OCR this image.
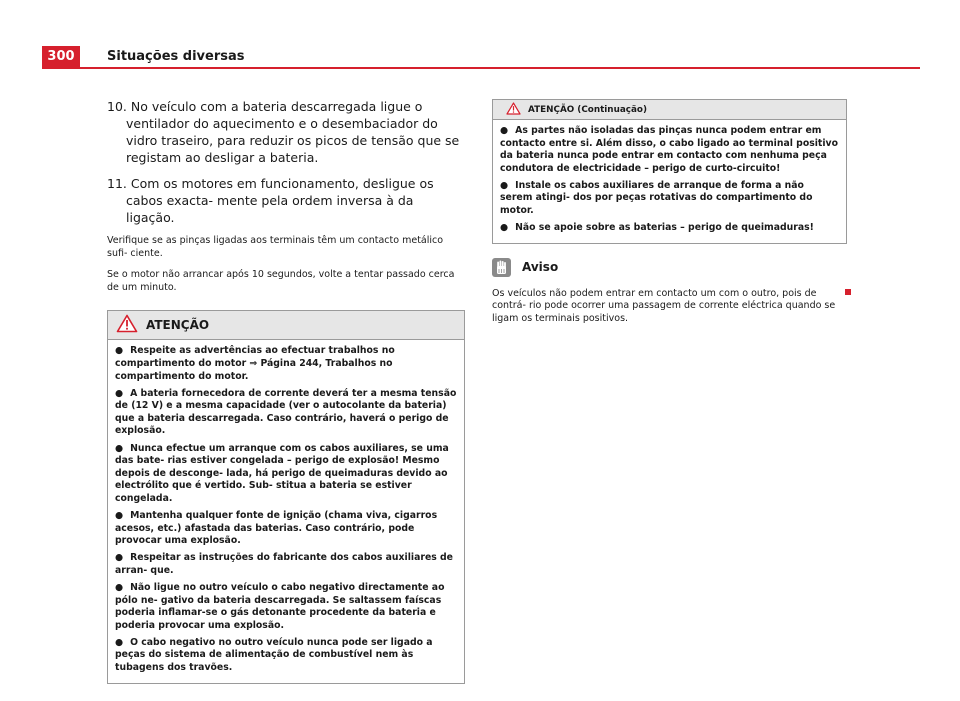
300	Situações diversas

10. No veículo com a bateria descarregada ligue o ventilador do aquecimento e o desembaciador do vidro traseiro, para reduzir os picos de tensão que se registam ao desligar a bateria.

11. Com os motores em funcionamento, desligue os cabos exacta- mente pela ordem inversa à da ligação.

Verifique se as pinças ligadas aos terminais têm um contacto metálico sufi- ciente.

Se o motor não arrancar após 10 segundos, volte a tentar passado cerca de um minuto.

ATENÇÃO

● Respeite as advertências ao efectuar trabalhos no compartimento do motor ⇒ Página 244, Trabalhos no compartimento do motor.

● A bateria fornecedora de corrente deverá ter a mesma tensão de (12 V) e a mesma capacidade (ver o autocolante da bateria) que a bateria descarregada. Caso contrário, haverá o perigo de explosão.

● Nunca efectue um arranque com os cabos auxiliares, se uma das bate- rias estiver congelada – perigo de explosão! Mesmo depois de desconge- lada, há perigo de queimaduras devido ao electrólito que é vertido. Sub- stitua a bateria se estiver congelada.

● Mantenha qualquer fonte de ignição (chama viva, cigarros acesos, etc.) afastada das baterias. Caso contrário, pode provocar uma explosão.

● Respeitar as instruções do fabricante dos cabos auxiliares de arran- que.

● Não ligue no outro veículo o cabo negativo directamente ao pólo ne- gativo da bateria descarregada. Se saltassem faíscas poderia inflamar-se o gás detonante procedente da bateria e poderia provocar uma explosão.

● O cabo negativo no outro veículo nunca pode ser ligado a peças do sistema de alimentação de combustível nem às tubagens dos travões.

ATENÇÃO (Continuação)

● As partes não isoladas das pinças nunca podem entrar em contacto entre si. Além disso, o cabo ligado ao terminal positivo da bateria nunca pode entrar em contacto com nenhuma peça condutora de electricidade – perigo de curto-circuito!

● Instale os cabos auxiliares de arranque de forma a não serem atingi- dos por peças rotativas do compartimento do motor.

● Não se apoie sobre as baterias – perigo de queimaduras!

Aviso

Os veículos não podem entrar em contacto um com o outro, pois de contrá- rio pode ocorrer uma passagem de corrente eléctrica quando se ligam os terminais positivos.
